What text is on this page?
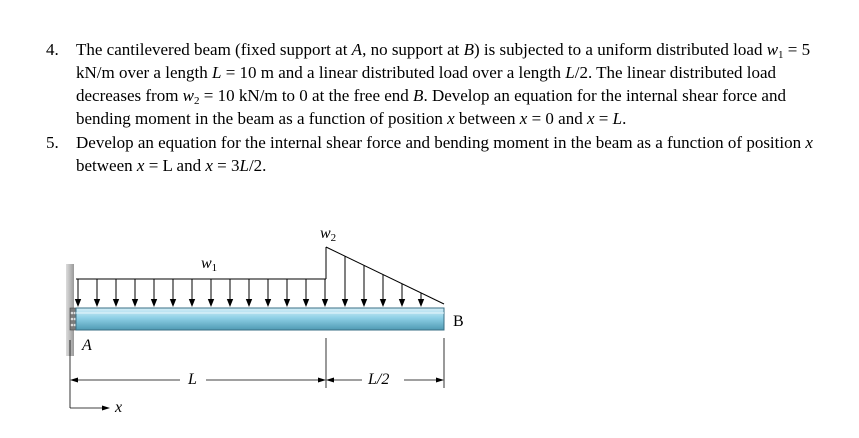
4.	The cantilevered beam (fixed support at A, no support at B) is subjected to a uniform distributed load $w_1 = 5$ kN/m over a length L = 10 m and a linear distributed load over a length L/2. The linear distributed load decreases from $w_2 = 10$ kN/m to 0 at the free end B. Develop an equation for the internal shear force and bending moment in the beam as a function of position x between x = 0 and x = L.
5.	Develop an equation for the internal shear force and bending moment in the beam as a function of position x between x = L and x = 3L/2.
$w_1$
$w_2$
A
B
L	L/2
x
